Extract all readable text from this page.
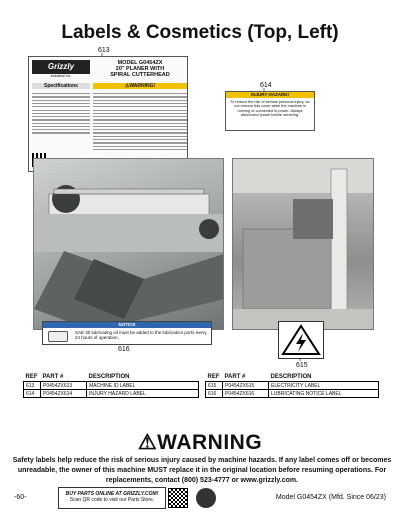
Labels & Cosmetics (Top, Left)
613
614
616
615
Grizzly
Industrial Inc.
MODEL G0454ZX
20" PLANER WITH
SPIRAL CUTTERHEAD
Specifications	⚠WARNING!
INJURY HAZARD!
To reduce the risk of serious personal injury, do not remove this cover while the machine is running or connected to power. Always disconnect power before servicing.
NOTICE
SAE 30 lubricating oil must be added to the lubrication ports every 24 hours of operation.
REF	PART #	DESCRIPTION
613	P0454ZX613	MACHINE ID LABEL
614	P0454ZX614	INJURY HAZARD LABEL
REF	PART #	DESCRIPTION
615	P0454ZX615	ELECTRICITY LABEL
616	P0454ZX616	LUBRICATING NOTICE LABEL
⚠WARNING
Safety labels help reduce the risk of serious injury caused by machine hazards. If any label comes off or becomes unreadable, the owner of this machine MUST replace it in the original location before resuming operations. For replacements, contact (800) 523-4777 or www.grizzly.com.
-60-	BUY PARTS ONLINE AT GRIZZLY.COM!
Scan QR code to visit our Parts Store.	Model G0454ZX (Mfd. Since 06/23)
